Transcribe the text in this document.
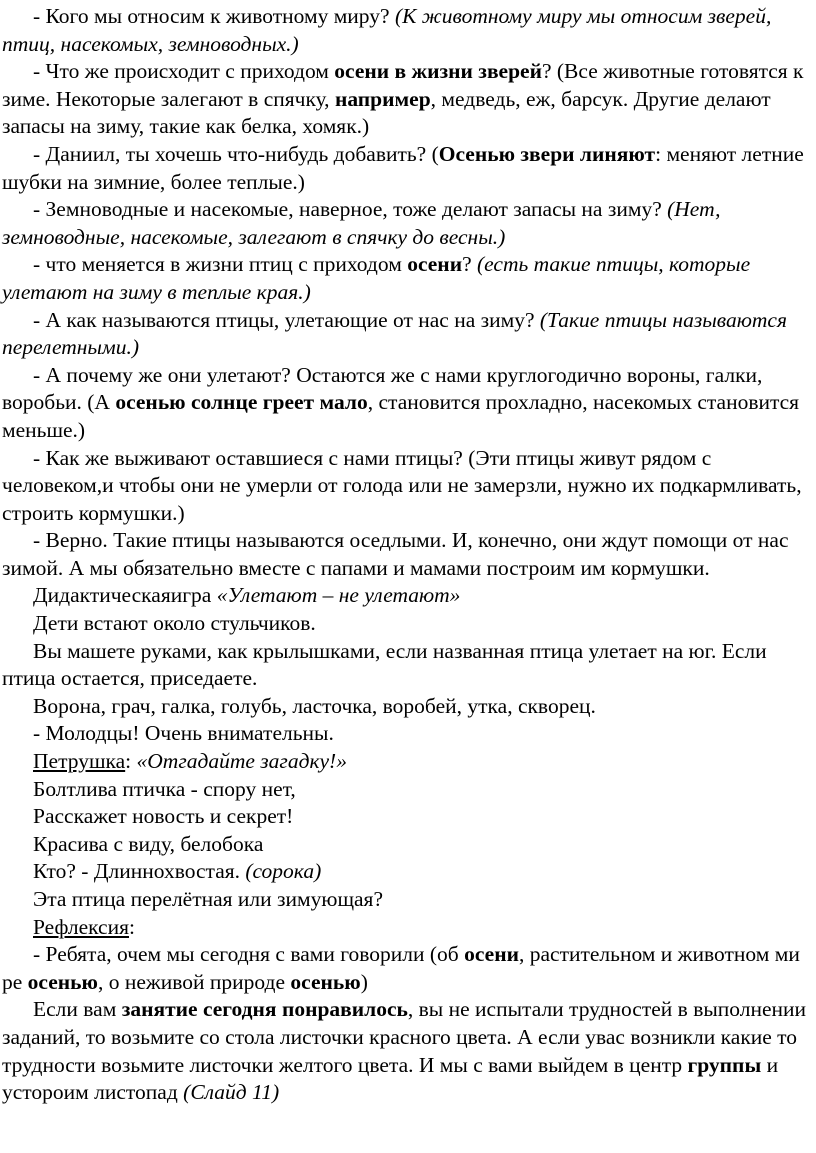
- Кого мы относим к животному миру? (К животному миру мы относим зверей, птиц, насекомых, земноводных.)

- Что же происходит с приходом осени в жизни зверей? (Все животные готовятся к зиме. Некоторые залегают в спячку, например, медведь, еж, барсук. Другие делают запасы на зиму, такие как белка, хомяк.)

- Даниил, ты хочешь что-нибудь добавить? (Осенью звери линяют: меняют летние шубки на зимние, более теплые.)

- Земноводные и насекомые, наверное, тоже делают запасы на зиму? (Нет, земноводные, насекомые, залегают в спячку до весны.)

- что меняется в жизни птиц с приходом осени? (есть такие птицы, которые улетают на зиму в теплые края.)

- А как называются птицы, улетающие от нас на зиму? (Такие птицы называются перелетными.)

- А почему же они улетают? Остаются же с нами круглогодично вороны, галки, воробьи. (А осенью солнце греет мало, становится прохладно, насекомых становится меньше.)

- Как же выживают оставшиеся с нами птицы? (Эти птицы живут рядом с человеком,и чтобы они не умерли от голода или не замерзли, нужно их подкармливать, строить кормушки.)

- Верно. Такие птицы называются оседлыми. И, конечно, они ждут помощи от нас зимой. А мы обязательно вместе с папами и мамами построим им кормушки.

Дидактическаяигра «Улетают – не улетают»

Дети встают около стульчиков.

Вы машете руками, как крылышками, если названная птица улетает на юг. Если птица остается, приседаете.

Ворона, грач, галка, голубь, ласточка, воробей, утка, скворец.

- Молодцы! Очень внимательны.

Петрушка: «Отгадайте загадку!»

Болтлива птичка - спору нет,

Расскажет новость и секрет!

Красива с виду, белобока

Кто? - Длиннохвостая. (сорока)

Эта птица перелётная или зимующая?

Рефлексия:

- Ребята, очем мы сегодня с вами говорили (об осени, растительном и животном ми ре осенью, о неживой природе осенью)

Если вам занятие сегодня понравилось, вы не испытали трудностей в выполнении заданий, то возьмите со стола листочки красного цвета. А если увас возникли какие то трудности возьмите листочки желтого цвета. И мы с вами выйдем в центр группы и устороим листопад (Слайд 11)
